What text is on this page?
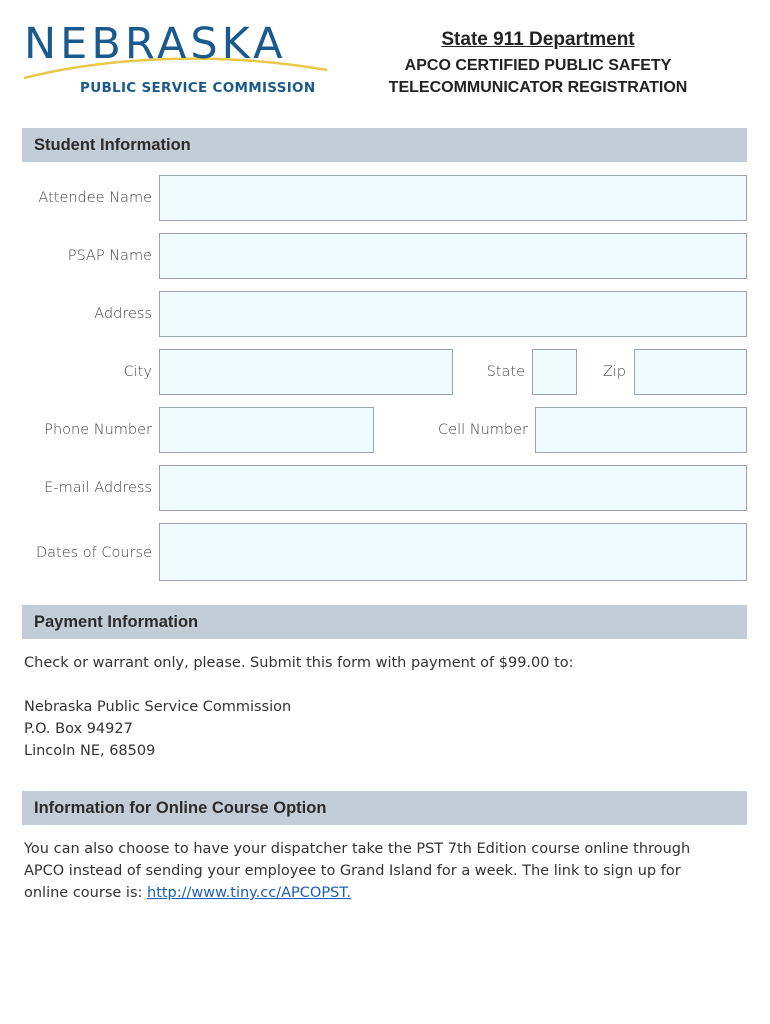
NEBRASKA
PUBLIC SERVICE COMMISSION
State 911 Department
APCO CERTIFIED PUBLIC SAFETY
TELECOMMUNICATOR REGISTRATION
Student Information
Attendee Name
PSAP Name
Address
City	State	Zip
Phone Number	Cell Number
E-mail Address
Dates of Course
Payment Information
Check or warrant only, please. Submit this form with payment of $99.00 to:
Nebraska Public Service Commission
P.O. Box 94927
Lincoln NE, 68509
Information for Online Course Option
You can also choose to have your dispatcher take the PST 7th Edition course online through
APCO instead of sending your employee to Grand Island for a week. The link to sign up for
online course is: http://www.tiny.cc/APCOPST.
